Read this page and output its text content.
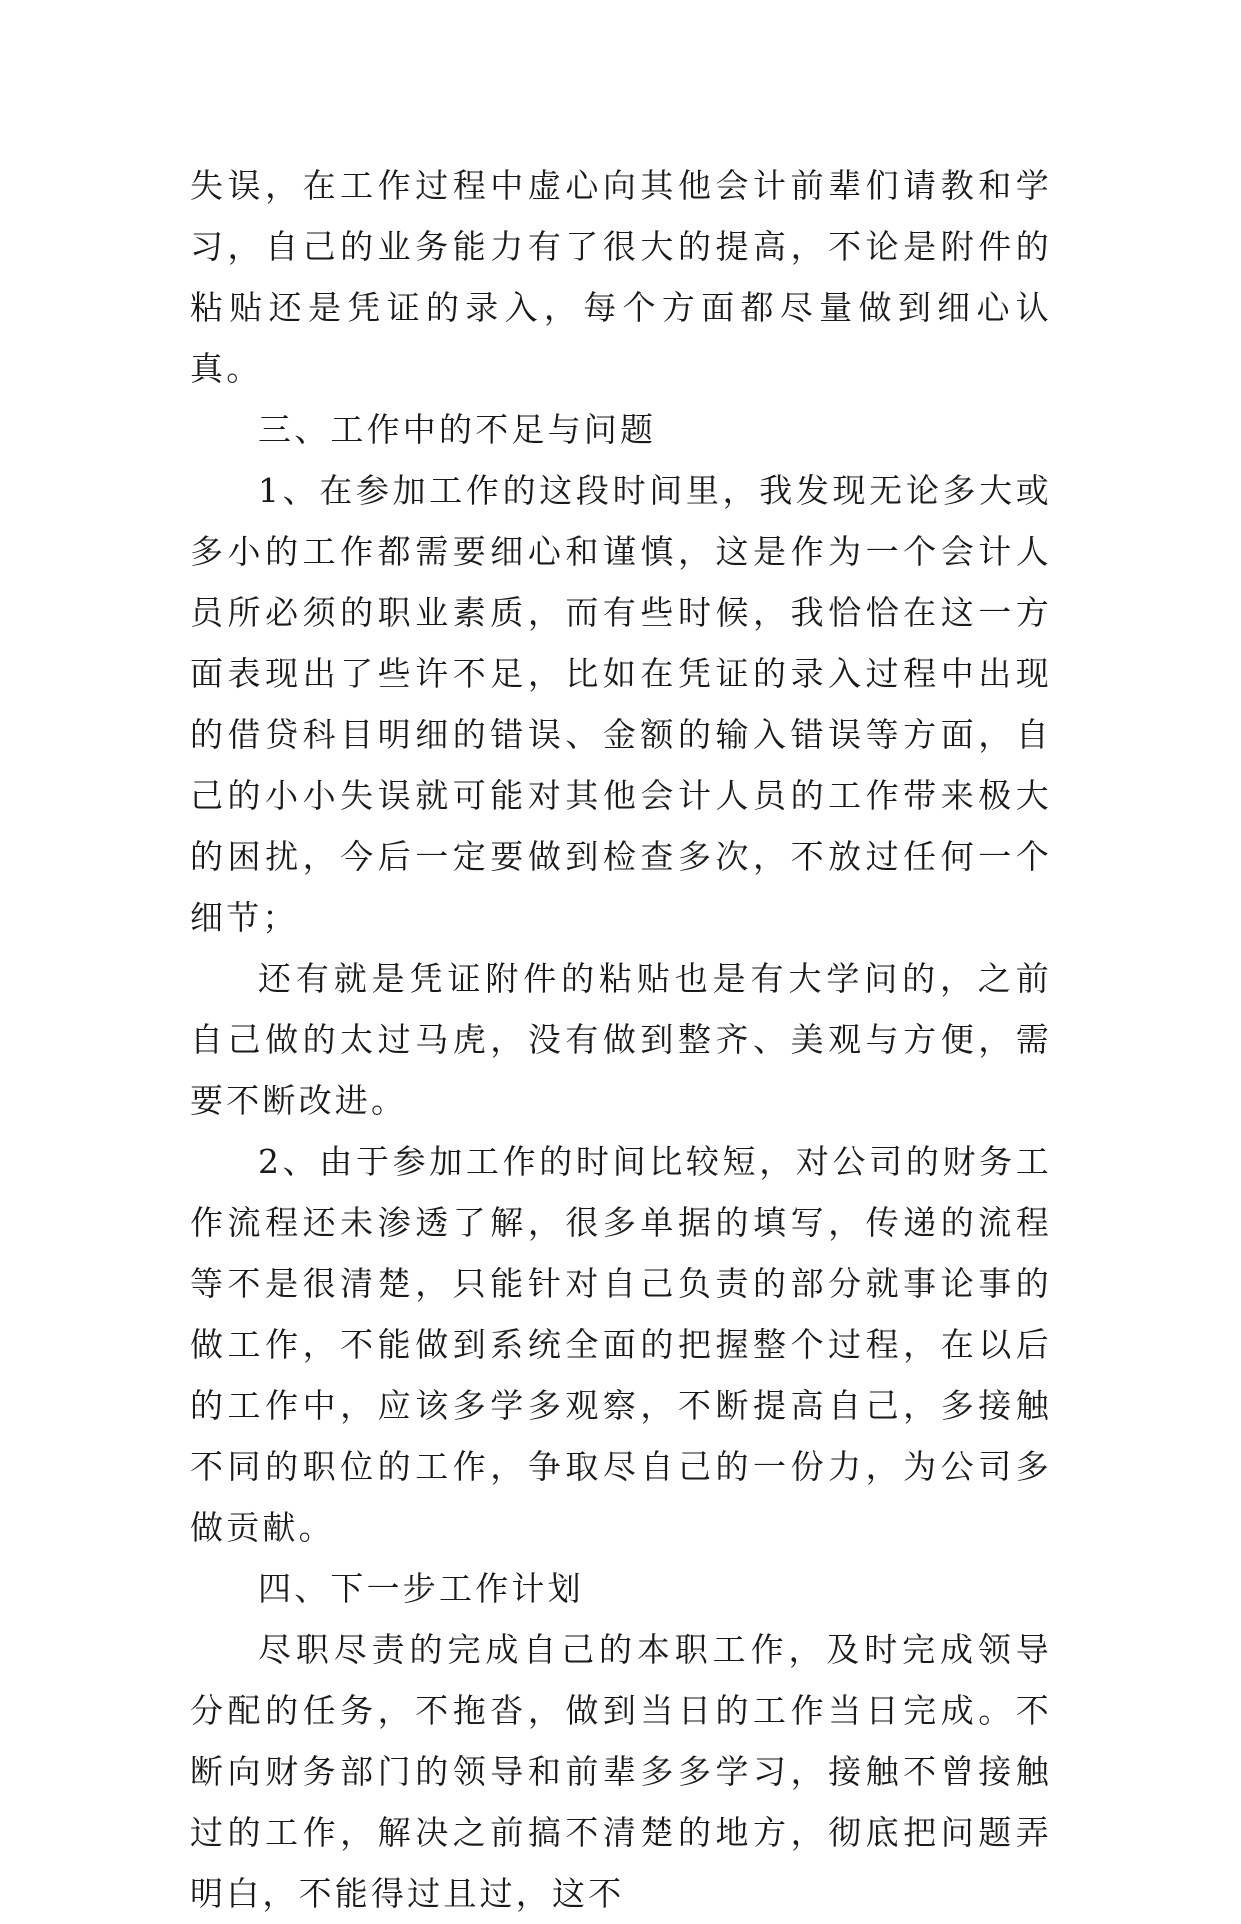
失误，在工作过程中虚心向其他会计前辈们请教和学习，自己的业务能力有了很大的提高，不论是附件的粘贴还是凭证的录入，每个方面都尽量做到细心认真。

三、工作中的不足与问题

1、在参加工作的这段时间里，我发现无论多大或多小的工作都需要细心和谨慎，这是作为一个会计人员所必须的职业素质，而有些时候，我恰恰在这一方面表现出了些许不足，比如在凭证的录入过程中出现的借贷科目明细的错误、金额的输入错误等方面，自己的小小失误就可能对其他会计人员的工作带来极大的困扰，今后一定要做到检查多次，不放过任何一个细节；

还有就是凭证附件的粘贴也是有大学问的，之前自己做的太过马虎，没有做到整齐、美观与方便，需要不断改进。

2、由于参加工作的时间比较短，对公司的财务工作流程还未渗透了解，很多单据的填写，传递的流程等不是很清楚，只能针对自己负责的部分就事论事的做工作，不能做到系统全面的把握整个过程，在以后的工作中，应该多学多观察，不断提高自己，多接触不同的职位的工作，争取尽自己的一份力，为公司多做贡献。

四、下一步工作计划

尽职尽责的完成自己的本职工作，及时完成领导分配的任务，不拖沓，做到当日的工作当日完成。不断向财务部门的领导和前辈多多学习，接触不曾接触过的工作，解决之前搞不清楚的地方，彻底把问题弄明白，不能得过且过，这不
